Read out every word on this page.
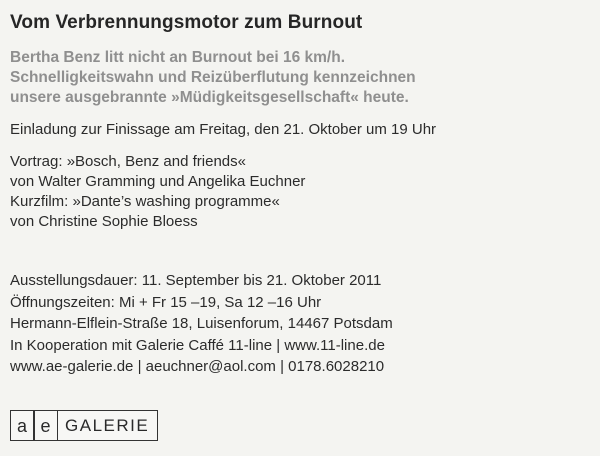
Vom Verbrennungsmotor zum Burnout
Bertha Benz litt nicht an Burnout bei 16 km/h.
Schnelligkeitswahn und Reizüberflutung kennzeichnen
unsere ausgebrannte »Müdigkeitsgesellschaft« heute.
Einladung zur Finissage am Freitag, den 21. Oktober um 19 Uhr
Vortrag: »Bosch, Benz and friends«
von Walter Gramming und Angelika Euchner
Kurzfilm: »Dante’s washing programme«
von Christine Sophie Bloess
Ausstellungsdauer: 11. September bis 21. Oktober 2011
Öffnungszeiten: Mi + Fr 15 –19, Sa 12 –16 Uhr
Hermann-Elflein-Straße 18, Luisenforum, 14467 Potsdam
In Kooperation mit Galerie Caffé 11-line | www.11-line.de
www.ae-galerie.de | aeuchner@aol.com | 0178.6028210
a e GALERIE
